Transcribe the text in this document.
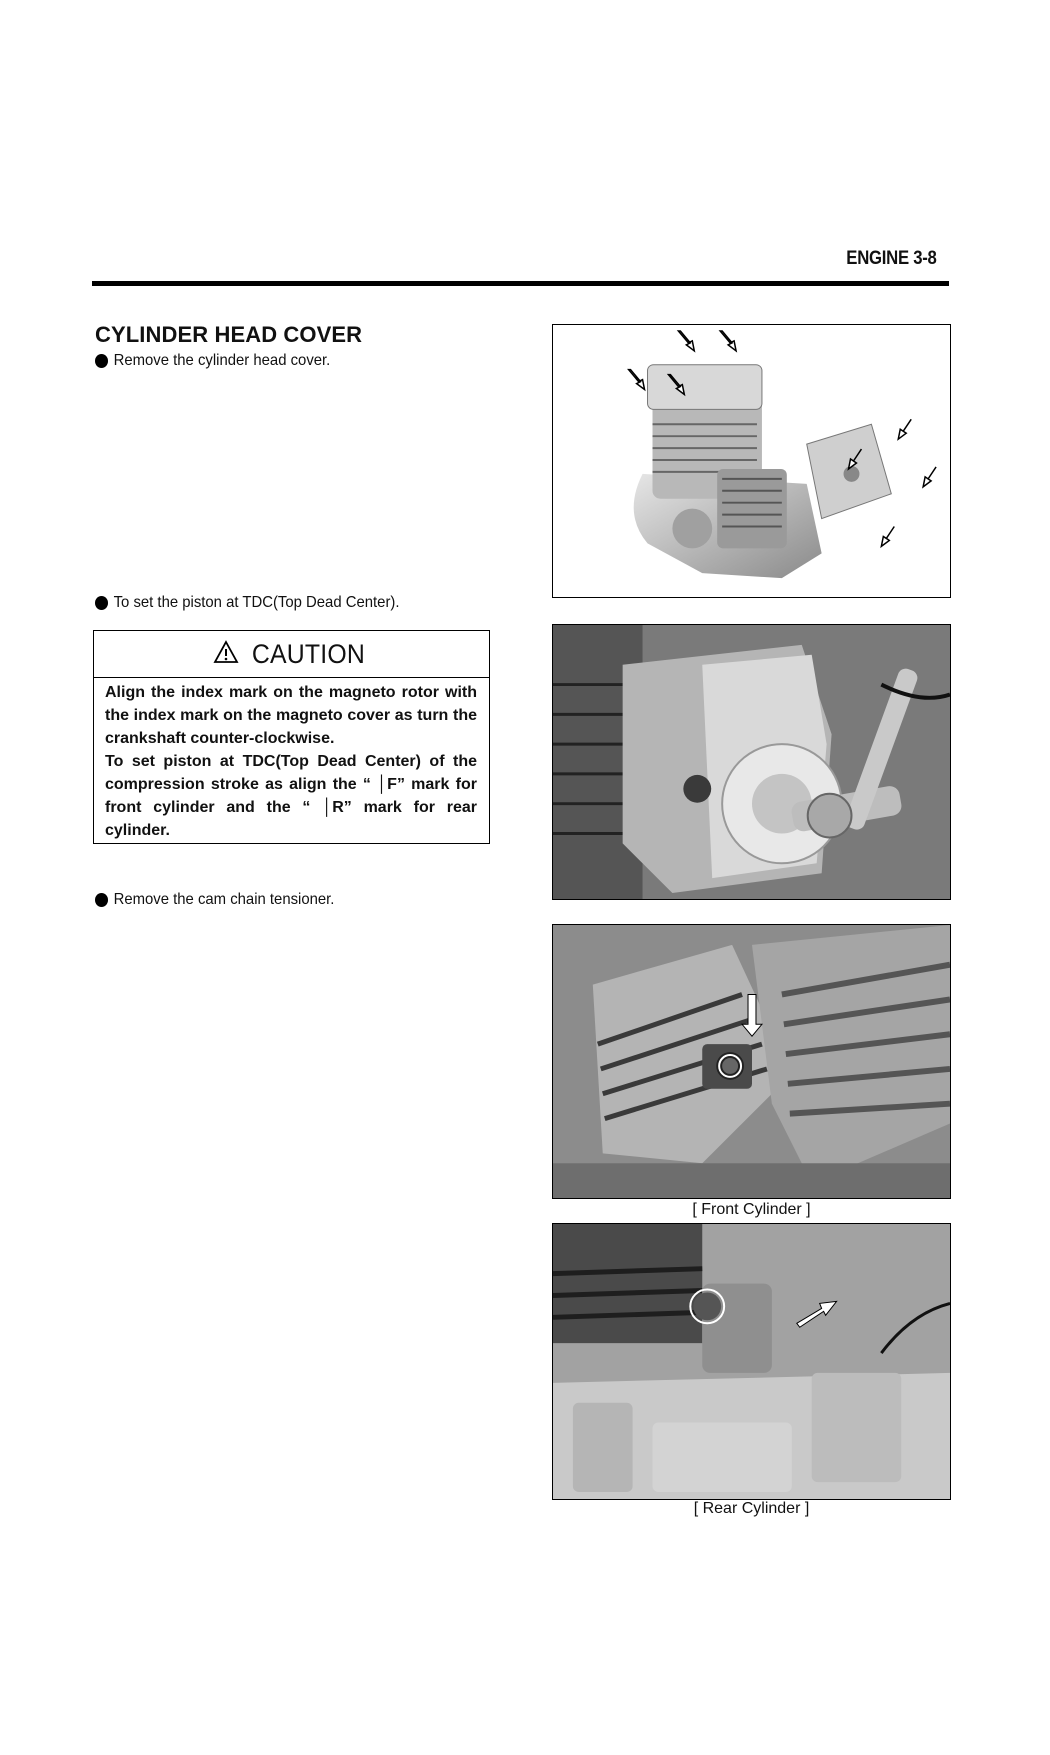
ENGINE 3-8
CYLINDER HEAD COVER
Remove the cylinder head cover.
To set the piston at TDC(Top Dead Center).
CAUTION

Align the index mark on the magneto rotor with the index mark on the magneto cover as turn the crankshaft counter-clockwise.

To set piston at TDC(Top Dead Center) of the compression stroke as align the “ │F” mark for front cylinder and the “ │R” mark for rear cylinder.

Remove the cam chain tensioner.
[ Front Cylinder ]
[ Rear Cylinder ]
